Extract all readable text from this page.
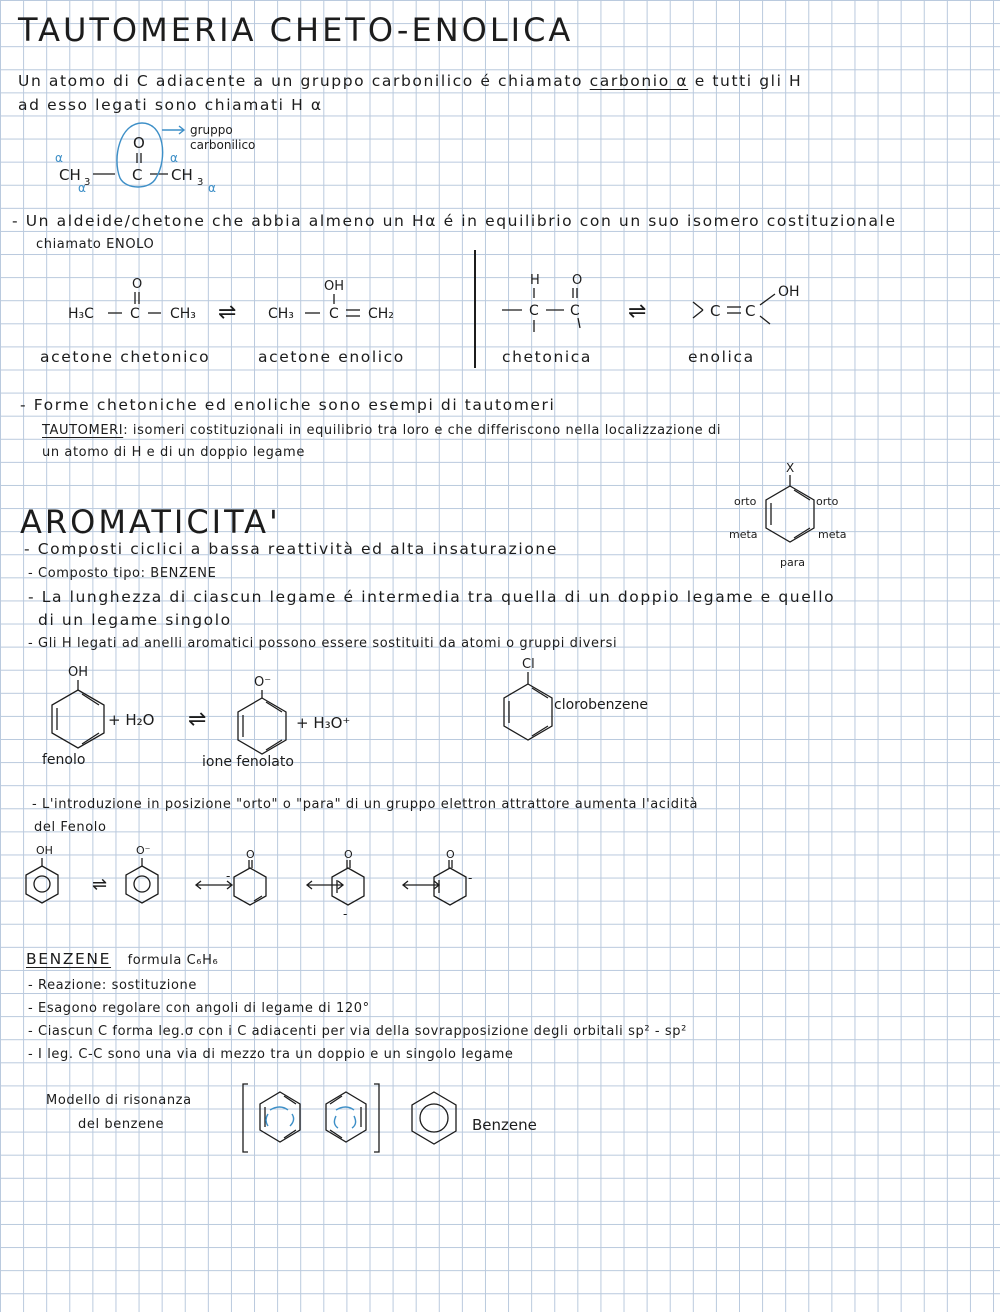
TAUTOMERIA CHETO-ENOLICA
Un atomo di C adiacente a un gruppo carbonilico é chiamato carbonio α e tutti gli H
ad esso legati sono chiamati H α
O
CH 3	C CH 3
α
α
α
α
gruppo
carbonilico
- Un aldeide/chetone che abbia almeno un Hα é in equilibrio con un suo isomero costituzionale
chiamato ENOLO
O
H₃C	C CH₃ ⇌
OH
CH₃	C CH₂
acetone chetonico	acetone enolico
H O
C C ⇌	C C
OH
chetonica	enolica
- Forme chetoniche ed enoliche sono esempi di tautomeri
TAUTOMERI: isomeri costituzionali in equilibrio tra loro e che differiscono nella localizzazione di
un atomo di H e di un doppio legame
AROMATICITA'
X
orto	orto
meta	meta
para
- Composti ciclici a bassa reattività ed alta insaturazione
- Composto tipo: BENZENE
- La lunghezza di ciascun legame é intermedia tra quella di un doppio legame e quello
di un legame singolo
- Gli H legati ad anelli aromatici possono essere sostituiti da atomi o gruppi diversi
OH
+ H₂O ⇌
O⁻
+ H₃O⁺
fenolo	ione fenolato
Cl
clorobenzene
- L'introduzione in posizione "orto" o "para" di un gruppo elettron attrattore aumenta l'acidità
del Fenolo
OH
⇌
O⁻	O
-
O
-
O
-
BENZENE formula C₆H₆
- Reazione: sostituzione
- Esagono regolare con angoli di legame di 120°
- Ciascun C forma leg.σ con i C adiacenti per via della sovrapposizione degli orbitali sp² - sp²
- I leg. C-C sono una via di mezzo tra un doppio e un singolo legame
Modello di risonanza
del benzene	Benzene
